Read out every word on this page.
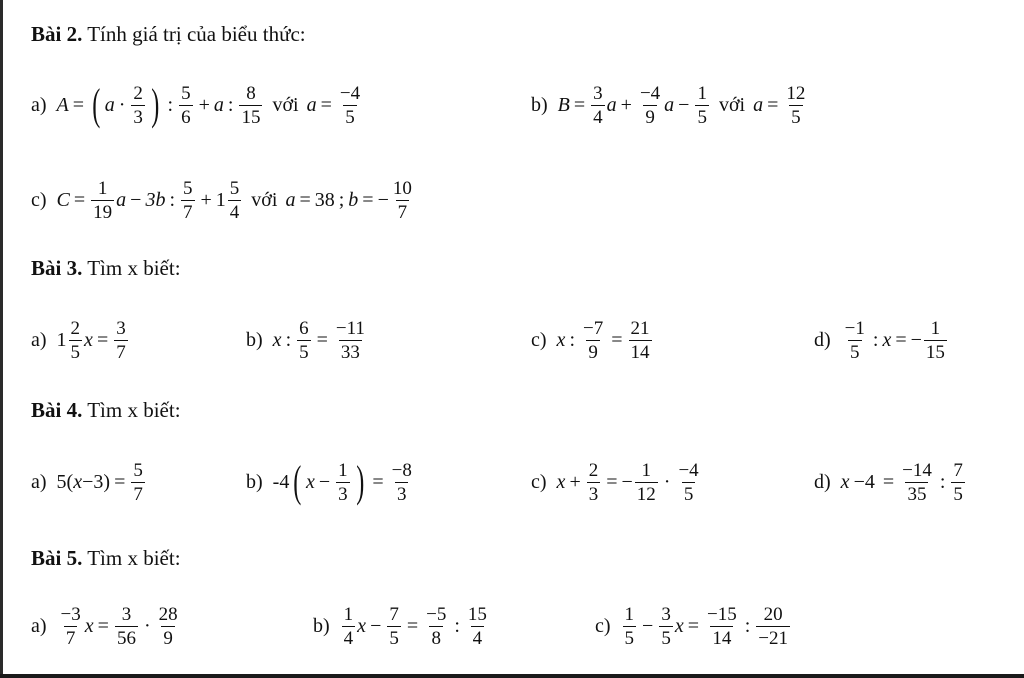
Bài 2. Tính giá trị của biểu thức:
a) A = ( $a \cdot \frac{2}{3}$ ) : $\frac{5}{6} + a$ : $\frac{8}{15}$ với $a = \frac{-4}{5}$	b) $B = \frac{3}{4}$ $a + \frac{-4}{9}$ $a - \frac{1}{5}$ với $a = \frac{12}{5}$
c) $C = \frac{1}{19}$ a − 3b : $\frac{5}{7} + 1 \frac{5}{4}$ với a = 38 ; b = − $\frac{10}{7}$
Bài 3. Tìm x biết:
a) $1 \frac{2}{5}$ $x = \frac{3}{7}$	b) x : $\frac{6}{5} = \frac{-11}{33}$	c) x : $\frac{-7}{9} = \frac{21}{14}$	$d) \frac{-1}{5}$ : x = − $\frac{1}{15}$
Bài 4. Tìm x biết:
a) 5( $x -3) = \frac{5}{7}$	b) -4 ( $x - \frac{1}{3}$ ) = $\frac{-8}{3}$	c) $x + \frac{2}{3}$ = − $\frac{1}{12} \cdot \frac{-4}{5}$	d) $x -4 = \frac{-14}{35}$ : $\frac{7}{5}$
Bài 5. Tìm x biết:
$a) \frac{-3}{7}$ $x = \frac{3}{56} \cdot \frac{28}{9}$	$b) \frac{1}{4}$ $x - \frac{7}{5} = \frac{-5}{8}$ : $\frac{15}{4}$	$c) \frac{1}{5} - \frac{3}{5}$ $x = \frac{-15}{14}$ : $\frac{20}{-21}$
